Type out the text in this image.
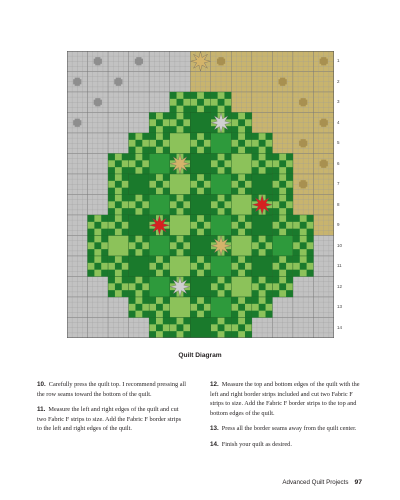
1
2
3
4
5
6
7
8
9
10
11
12
13
14
Quilt Diagram

10. Carefully press the quilt top. I recommend pressing all the row seams toward the bottom of the quilt.

11. Measure the left and right edges of the quilt and cut two Fabric F strips to size. Add the Fabric F border strips to the left and right edges of the quilt.

12. Measure the top and bottom edges of the quilt with the left and right border strips included and cut two Fabric F strips to size. Add the Fabric F border strips to the top and bottom edges of the quilt.

13. Press all the border seams away from the quilt center.

14. Finish your quilt as desired.

Advanced Quilt Projects 97
